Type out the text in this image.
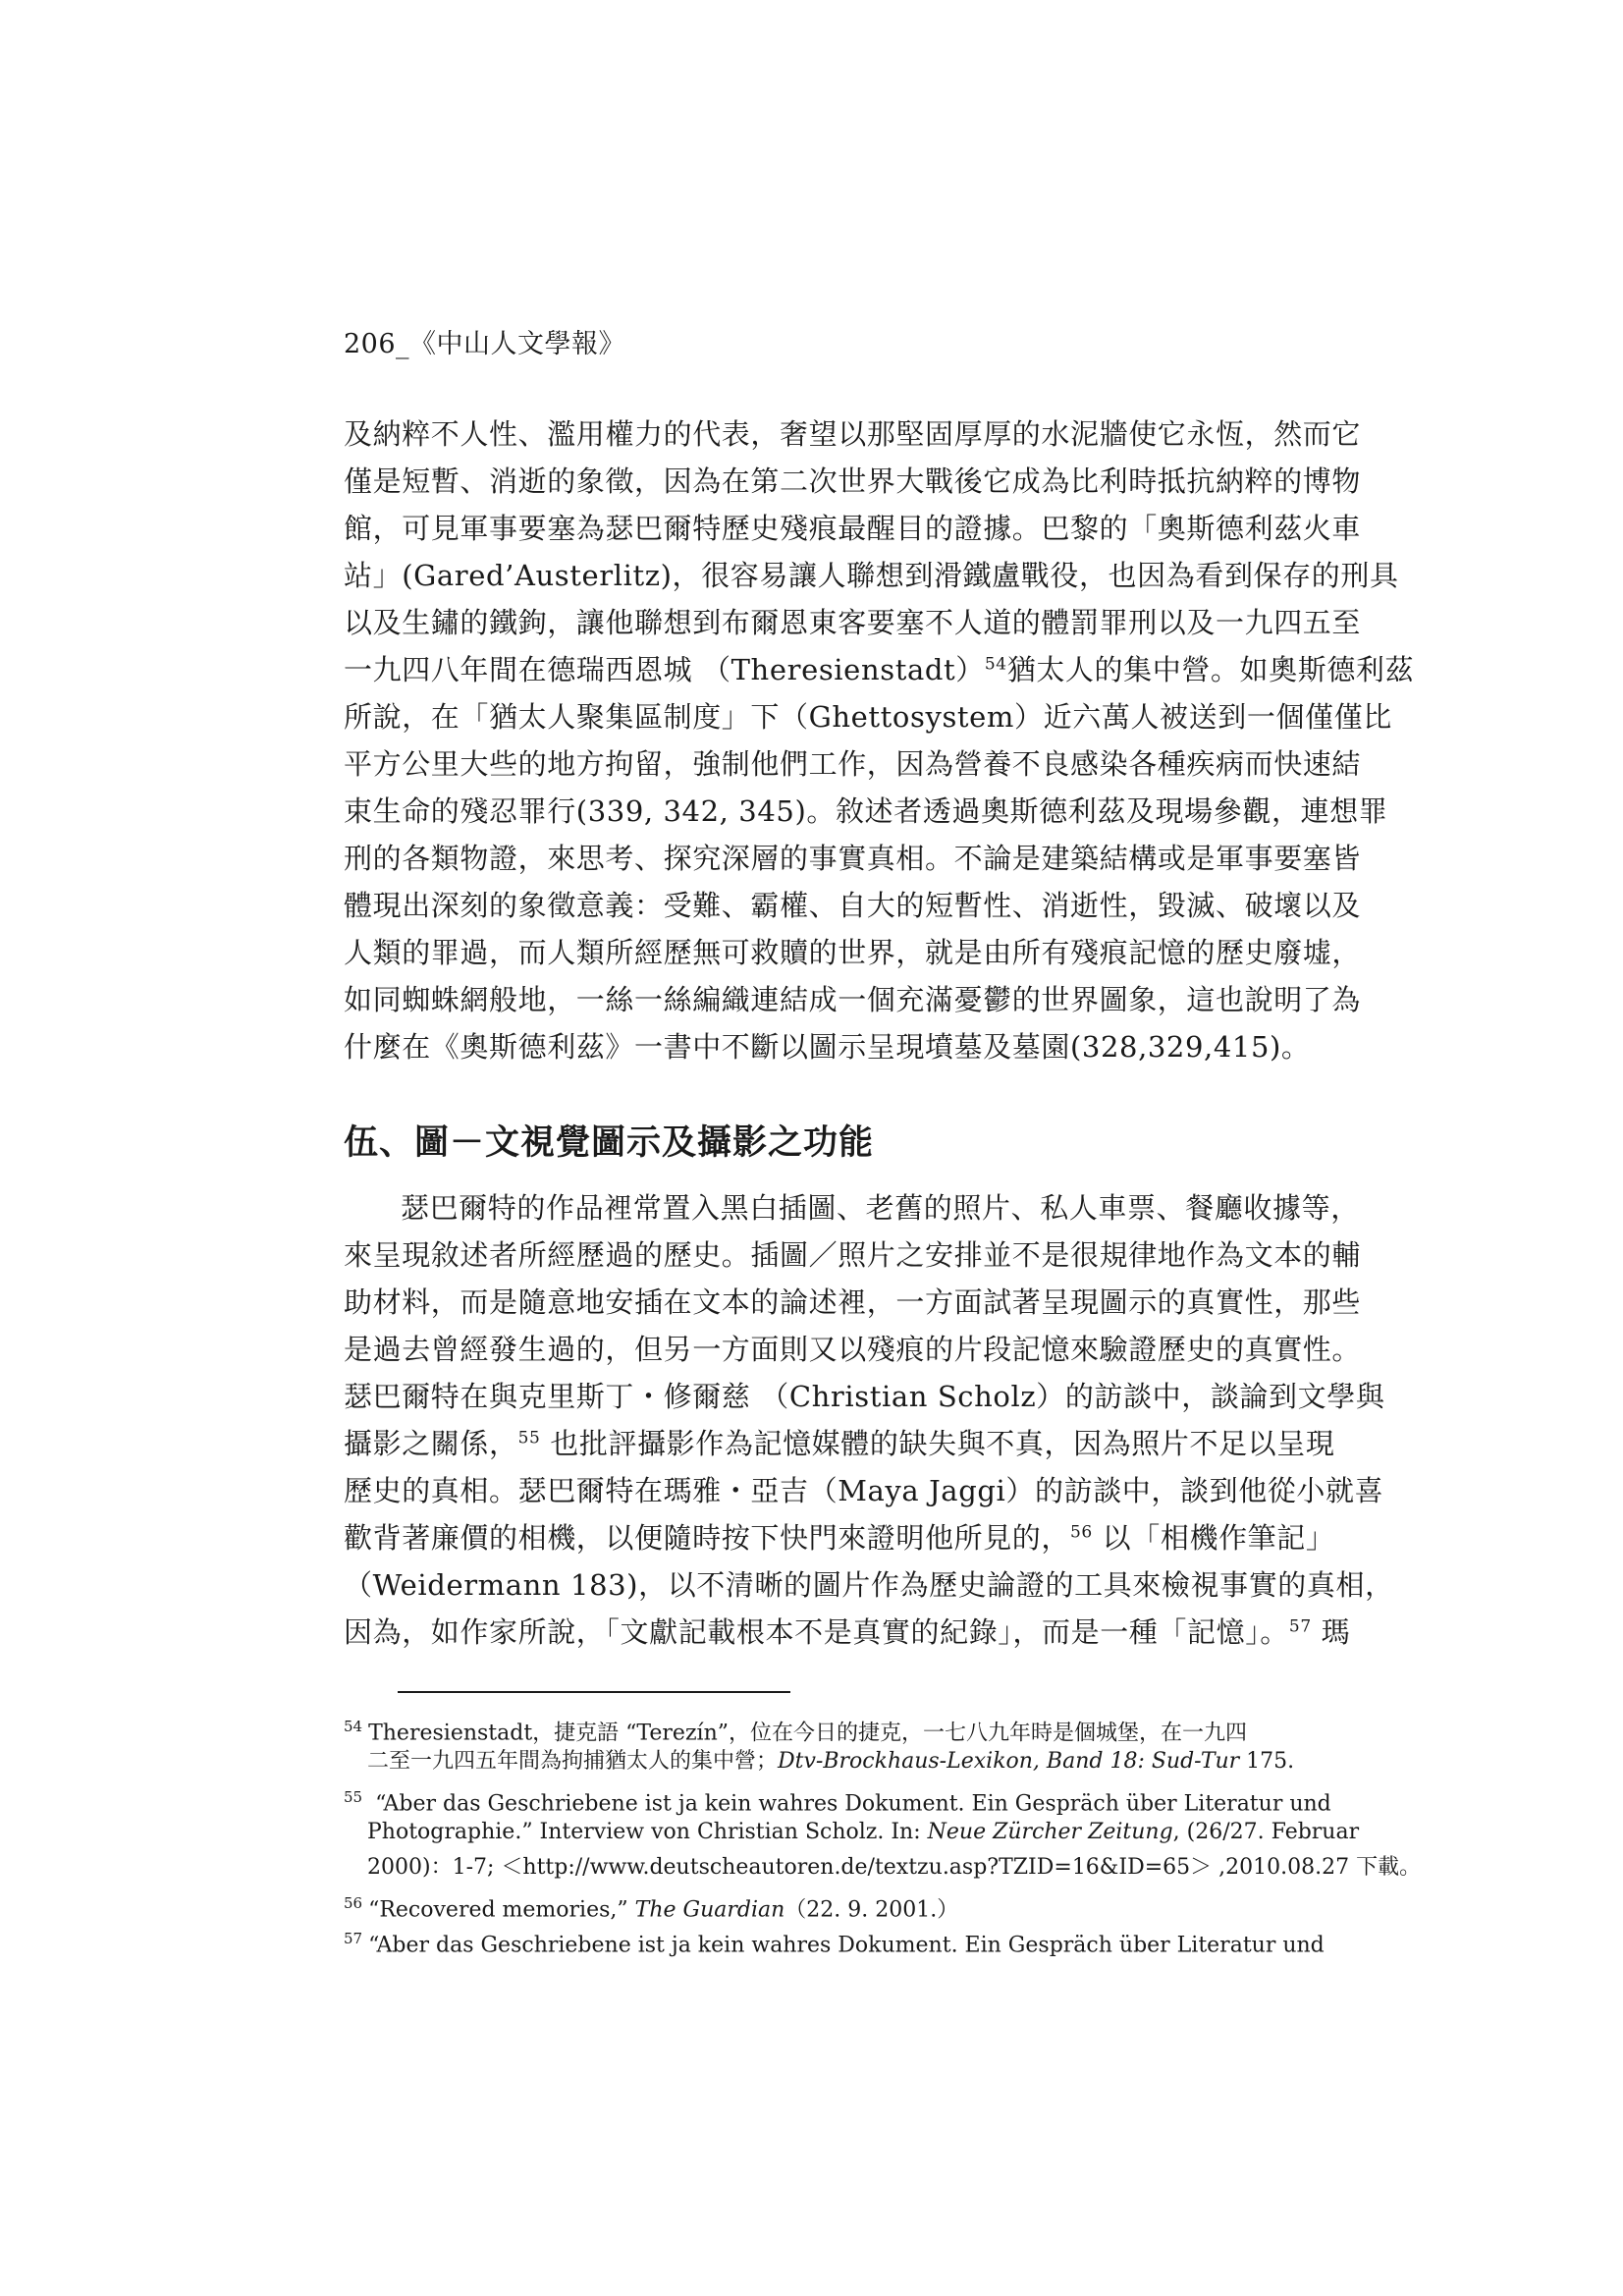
206_《中山人文學報》
及納粹不人性、濫用權力的代表，奢望以那堅固厚厚的水泥牆使它永恆，然而它
僅是短暫、消逝的象徵，因為在第二次世界大戰後它成為比利時抵抗納粹的博物
館，可見軍事要塞為瑟巴爾特歷史殘痕最醒目的證據。巴黎的「奧斯德利茲火車
站」(Gared’Austerlitz)，很容易讓人聯想到滑鐵盧戰役，也因為看到保存的刑具
以及生鏽的鐵鉤，讓他聯想到布爾恩東客要塞不人道的體罰罪刑以及一九四五至
一九四八年間在德瑞西恩城 （Theresienstadt）$^{54}$猶太人的集中營。如奧斯德利茲
所說，在「猶太人聚集區制度」下（Ghettosystem）近六萬人被送到一個僅僅比
平方公里大些的地方拘留，強制他們工作，因為營養不良感染各種疾病而快速結
束生命的殘忍罪行(339, 342, 345)。敘述者透過奧斯德利茲及現場參觀，連想罪
刑的各類物證，來思考、探究深層的事實真相。不論是建築結構或是軍事要塞皆
體現出深刻的象徵意義：受難、霸權、自大的短暫性、消逝性，毀滅、破壞以及
人類的罪過，而人類所經歷無可救贖的世界，就是由所有殘痕記憶的歷史廢墟，
如同蜘蛛網般地，一絲一絲編織連結成一個充滿憂鬱的世界圖象，這也說明了為
什麼在《奧斯德利茲》一書中不斷以圖示呈現墳墓及墓園(328,329,415)。
伍、圖－文視覺圖示及攝影之功能
瑟巴爾特的作品裡常置入黑白插圖、老舊的照片、私人車票、餐廳收據等，
來呈現敘述者所經歷過的歷史。插圖／照片之安排並不是很規律地作為文本的輔
助材料，而是隨意地安插在文本的論述裡，一方面試著呈現圖示的真實性，那些
是過去曾經發生過的，但另一方面則又以殘痕的片段記憶來驗證歷史的真實性。
瑟巴爾特在與克里斯丁・修爾慈 （Christian Scholz）的訪談中，談論到文學與
攝影之關係，$^{55}$ 也批評攝影作為記憶媒體的缺失與不真，因為照片不足以呈現
歷史的真相。瑟巴爾特在瑪雅・亞吉（Maya Jaggi）的訪談中，談到他從小就喜
歡背著廉價的相機，以便隨時按下快門來證明他所見的，$^{56}$ 以「相機作筆記」
（Weidermann 183)，以不清晰的圖片作為歷史論證的工具來檢視事實的真相，
因為，如作家所說，「文獻記載根本不是真實的紀錄」，而是一種「記憶」。$^{57}$ 瑪
$^{54}$ Theresienstadt，捷克語 “Terezín”，位在今日的捷克，一七八九年時是個城堡，在一九四
二至一九四五年間為拘捕猶太人的集中營；Dtv-Brockhaus-Lexikon, Band 18: Sud-Tur 175.
$^{55}$ “Aber das Geschriebene ist ja kein wahres Dokument. Ein Gespräch über Literatur und
Photographie.” Interview von Christian Scholz. In: Neue Zürcher Zeitung, (26/27. Februar
2000)：1-7; ＜http://www.deutscheautoren.de/textzu.asp?TZID=16&ID=65＞ ,2010.08.27 下載。
$^{56}$ “Recovered memories,” The Guardian（22. 9. 2001.）
$^{57}$ “Aber das Geschriebene ist ja kein wahres Dokument. Ein Gespräch über Literatur und
